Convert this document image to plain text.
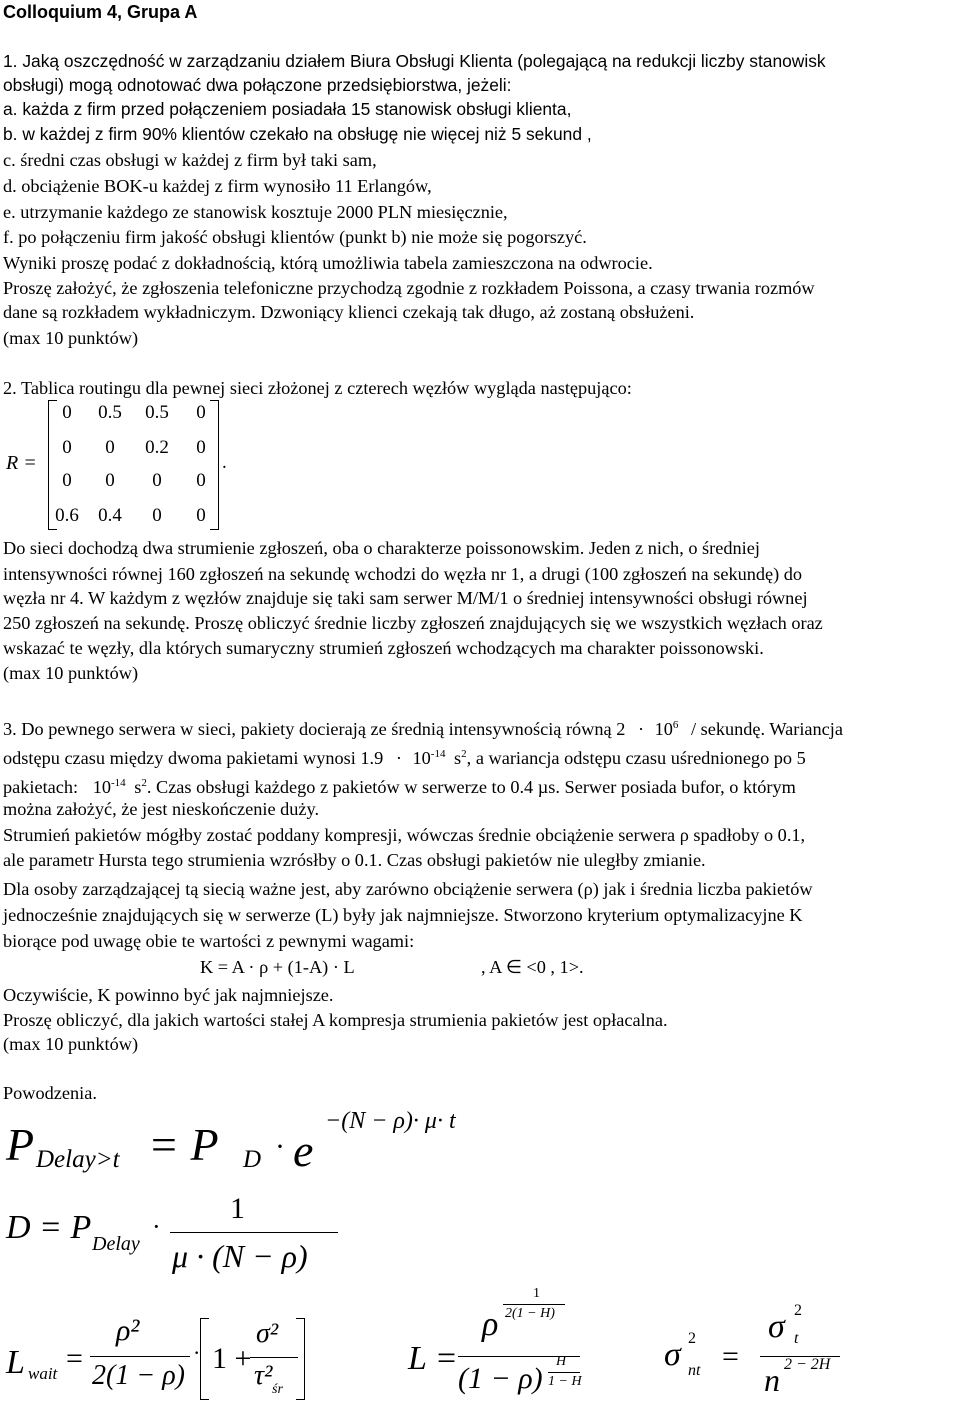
Colloquium 4, Grupa A
1. Jaką oszczędność w zarządzaniu działem Biura Obsługi Klienta (polegającą na redukcji liczby stanowisk
obsługi) mogą odnotować dwa połączone przedsiębiorstwa, jeżeli:
a. każda z firm przed połączeniem posiadała 15 stanowisk obsługi klienta,
b. w każdej z firm 90% klientów czekało na obsługę nie więcej niż 5 sekund ,
c. średni czas obsługi w każdej z firm był taki sam,
d. obciążenie BOK-u każdej z firm wynosiło 11 Erlangów,
e. utrzymanie każdego ze stanowisk kosztuje 2000 PLN miesięcznie,
f. po połączeniu firm jakość obsługi klientów (punkt b) nie może się pogorszyć.
Wyniki proszę podać z dokładnością, którą umożliwia tabela zamieszczona na odwrocie.
Proszę założyć, że zgłoszenia telefoniczne przychodzą zgodnie z rozkładem Poissona, a czasy trwania rozmów
dane są rozkładem wykładniczym. Dzwoniący klienci czekają tak długo, aż zostaną obsłużeni.
(max 10 punktów)
2. Tablica routingu dla pewnej sieci złożonej z czterech węzłów wygląda następująco:
R =
0	0.5	0.5	0
0	0	0.2	0
0	0	0	0
0.6	0.4	0	0
.
Do sieci dochodzą dwa strumienie zgłoszeń, oba o charakterze poissonowskim. Jeden z nich, o średniej
intensywności równej 160 zgłoszeń na sekundę wchodzi do węzła nr 1, a drugi (100 zgłoszeń na sekundę) do
węzła nr 4. W każdym z węzłów znajduje się taki sam serwer M/M/1 o średniej intensywności obsługi równej
250 zgłoszeń na sekundę. Proszę obliczyć średnie liczby zgłoszeń znajdujących się we wszystkich węzłach oraz
wskazać te węzły, dla których sumaryczny strumień zgłoszeń wchodzących ma charakter poissonowski.
(max 10 punktów)
3. Do pewnego serwera w sieci, pakiety docierają ze średnią intensywnością równą $2 \cdot 10^6$ / sekundę. Wariancja
odstępu czasu między dwoma pakietami wynosi $1.9 \cdot 10^{-14}$ $s^2$, a wariancja odstępu czasu uśrednionego po 5
pakietach: $10^{-14}$ $s^2$. Czas obsługi każdego z pakietów w serwerze to 0.4 µs. Serwer posiada bufor, o którym
można założyć, że jest nieskończenie duży.
Strumień pakietów mógłby zostać poddany kompresji, wówczas średnie obciążenie serwera ρ spadłoby o 0.1,
ale parametr Hursta tego strumienia wzrósłby o 0.1. Czas obsługi pakietów nie uległby zmianie.
Dla osoby zarządzającej tą siecią ważne jest, aby zarówno obciążenie serwera (ρ) jak i średnia liczba pakietów
jednocześnie znajdujących się w serwerze (L) były jak najmniejsze. Stworzono kryterium optymalizacyjne K
biorące pod uwagę obie te wartości z pewnymi wagami:
K = A · ρ + (1-A) · L	, A ∈ <0 , 1>.
Oczywiście, K powinno być jak najmniejsze.
Proszę obliczyć, dla jakich wartości stałej A kompresja strumienia pakietów jest opłacalna.
(max 10 punktów)
Powodzenia.
P Delay>t = P D · e
−(N − ρ)· μ· t
D = P Delay
·
1
μ · (N − ρ)
L wait =
ρ²
2(1 − ρ)
· 1 +
σ²
τ² śr
L =
ρ
1
2(1 − H)
(1 − ρ)
H
1 − H
σ 2
nt =
σ 2
t
n 2 − 2H
